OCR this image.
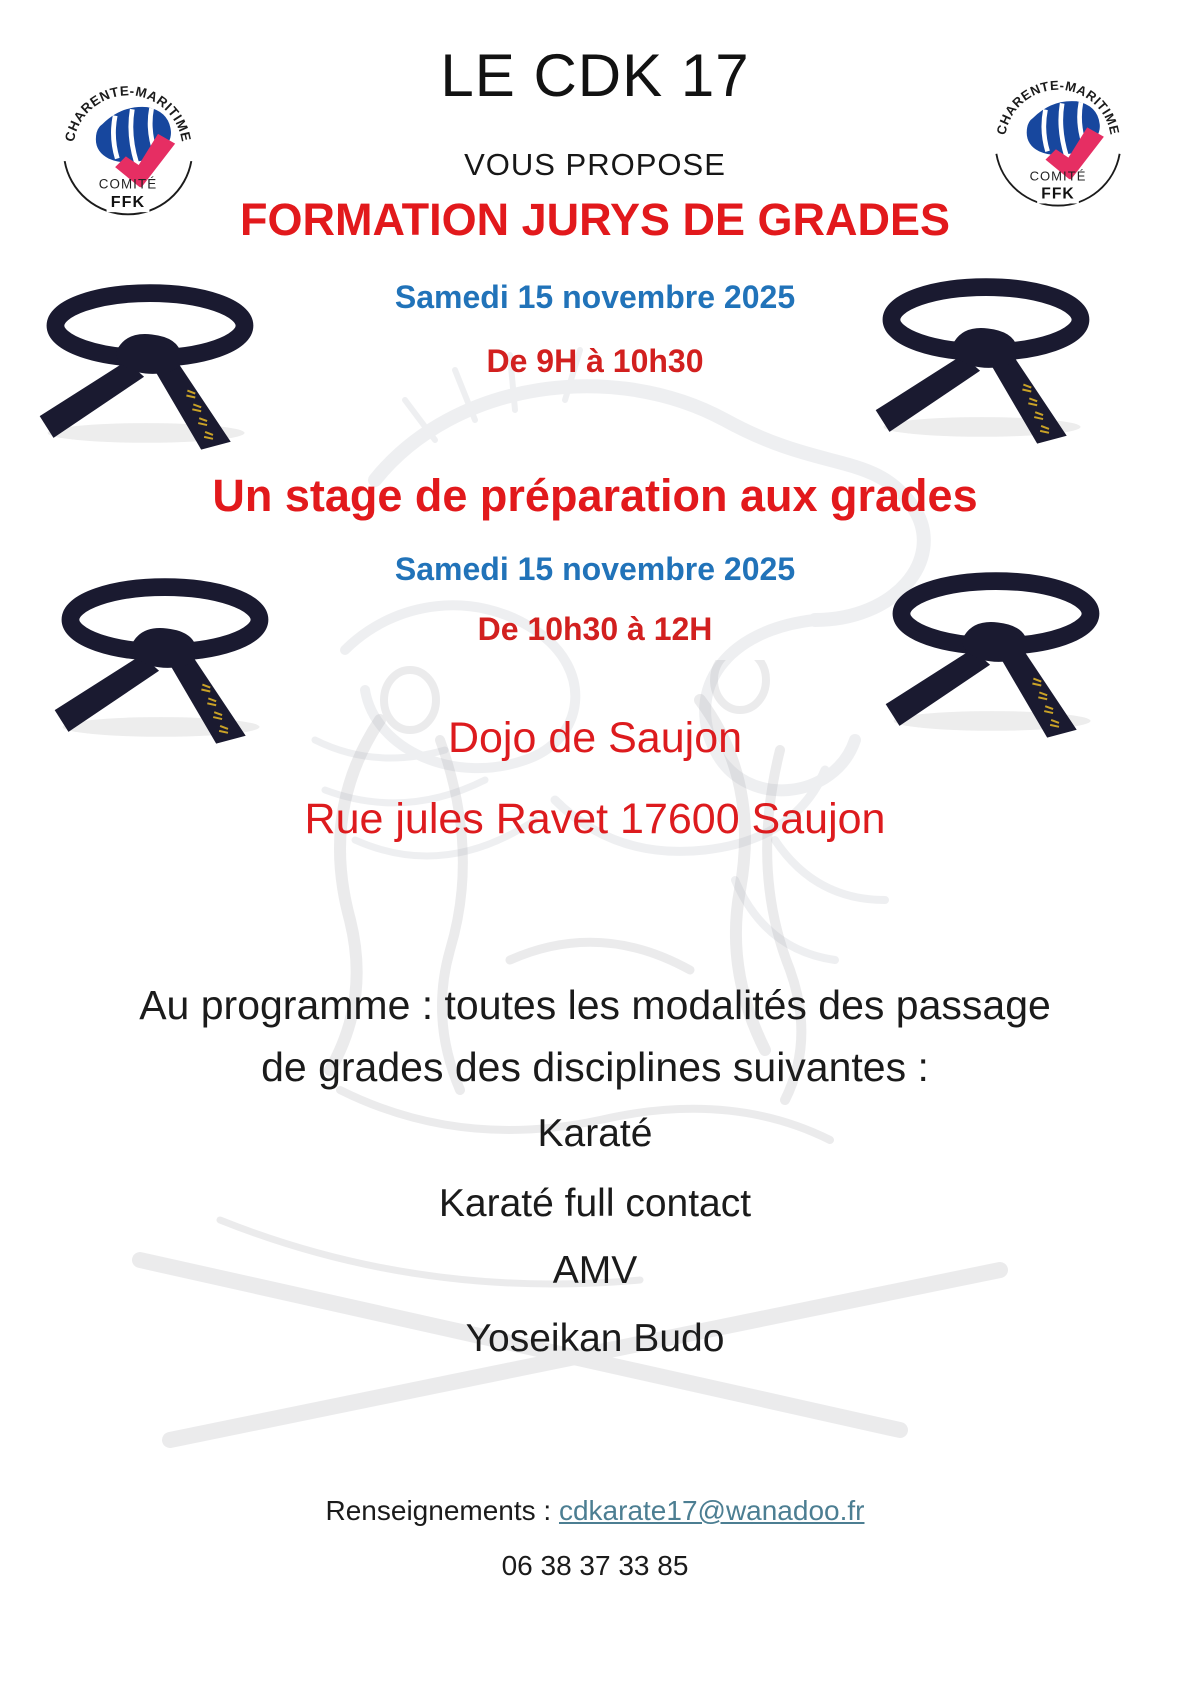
LE CDK 17
VOUS PROPOSE
FORMATION JURYS DE GRADES
Samedi 15 novembre 2025
De 9H à 10h30
Un stage de préparation aux grades
Samedi 15 novembre 2025
De 10h30 à 12H
Dojo de Saujon
Rue jules Ravet 17600 Saujon
Au programme : toutes les modalités des passage
de grades des disciplines suivantes :
Karaté
Karaté full contact
AMV
Yoseikan Budo
Renseignements : cdkarate17@wanadoo.fr
06 38 37 33 85
